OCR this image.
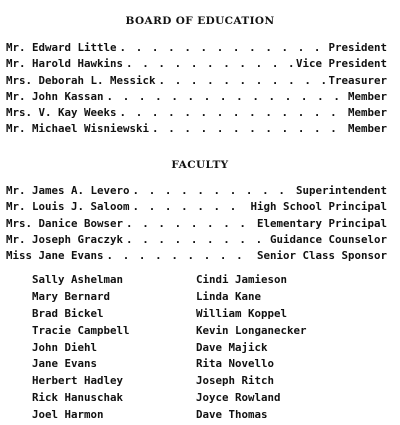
BOARD OF EDUCATION
Mr. Edward Little . . .	President
Mr. Harold Hawkins . . .	Vice President
Mrs. Deborah L. Messick . . .	Treasurer
Mr. John Kassan . . .	Member
Mrs. V. Kay Weeks . . .	Member
Mr. Michael Wisniewski . . .	Member
FACULTY
Mr. James A. Levero . . .	Superintendent
Mr. Louis J. Saloom . . .	High School Principal
Mrs. Danice Bowser . . .	Elementary Principal
Mr. Joseph Graczyk . . .	Guidance Counselor
Miss Jane Evans . . .	Senior Class Sponsor
Sally Ashelman
Mary Bernard
Brad Bickel
Tracie Campbell
John Diehl
Jane Evans
Herbert Hadley
Rick Hanuschak
Joel Harmon
Cindi Jamieson
Linda Kane
William Koppel
Kevin Longanecker
Dave Majick
Rita Novello
Joseph Ritch
Joyce Rowland
Dave Thomas
